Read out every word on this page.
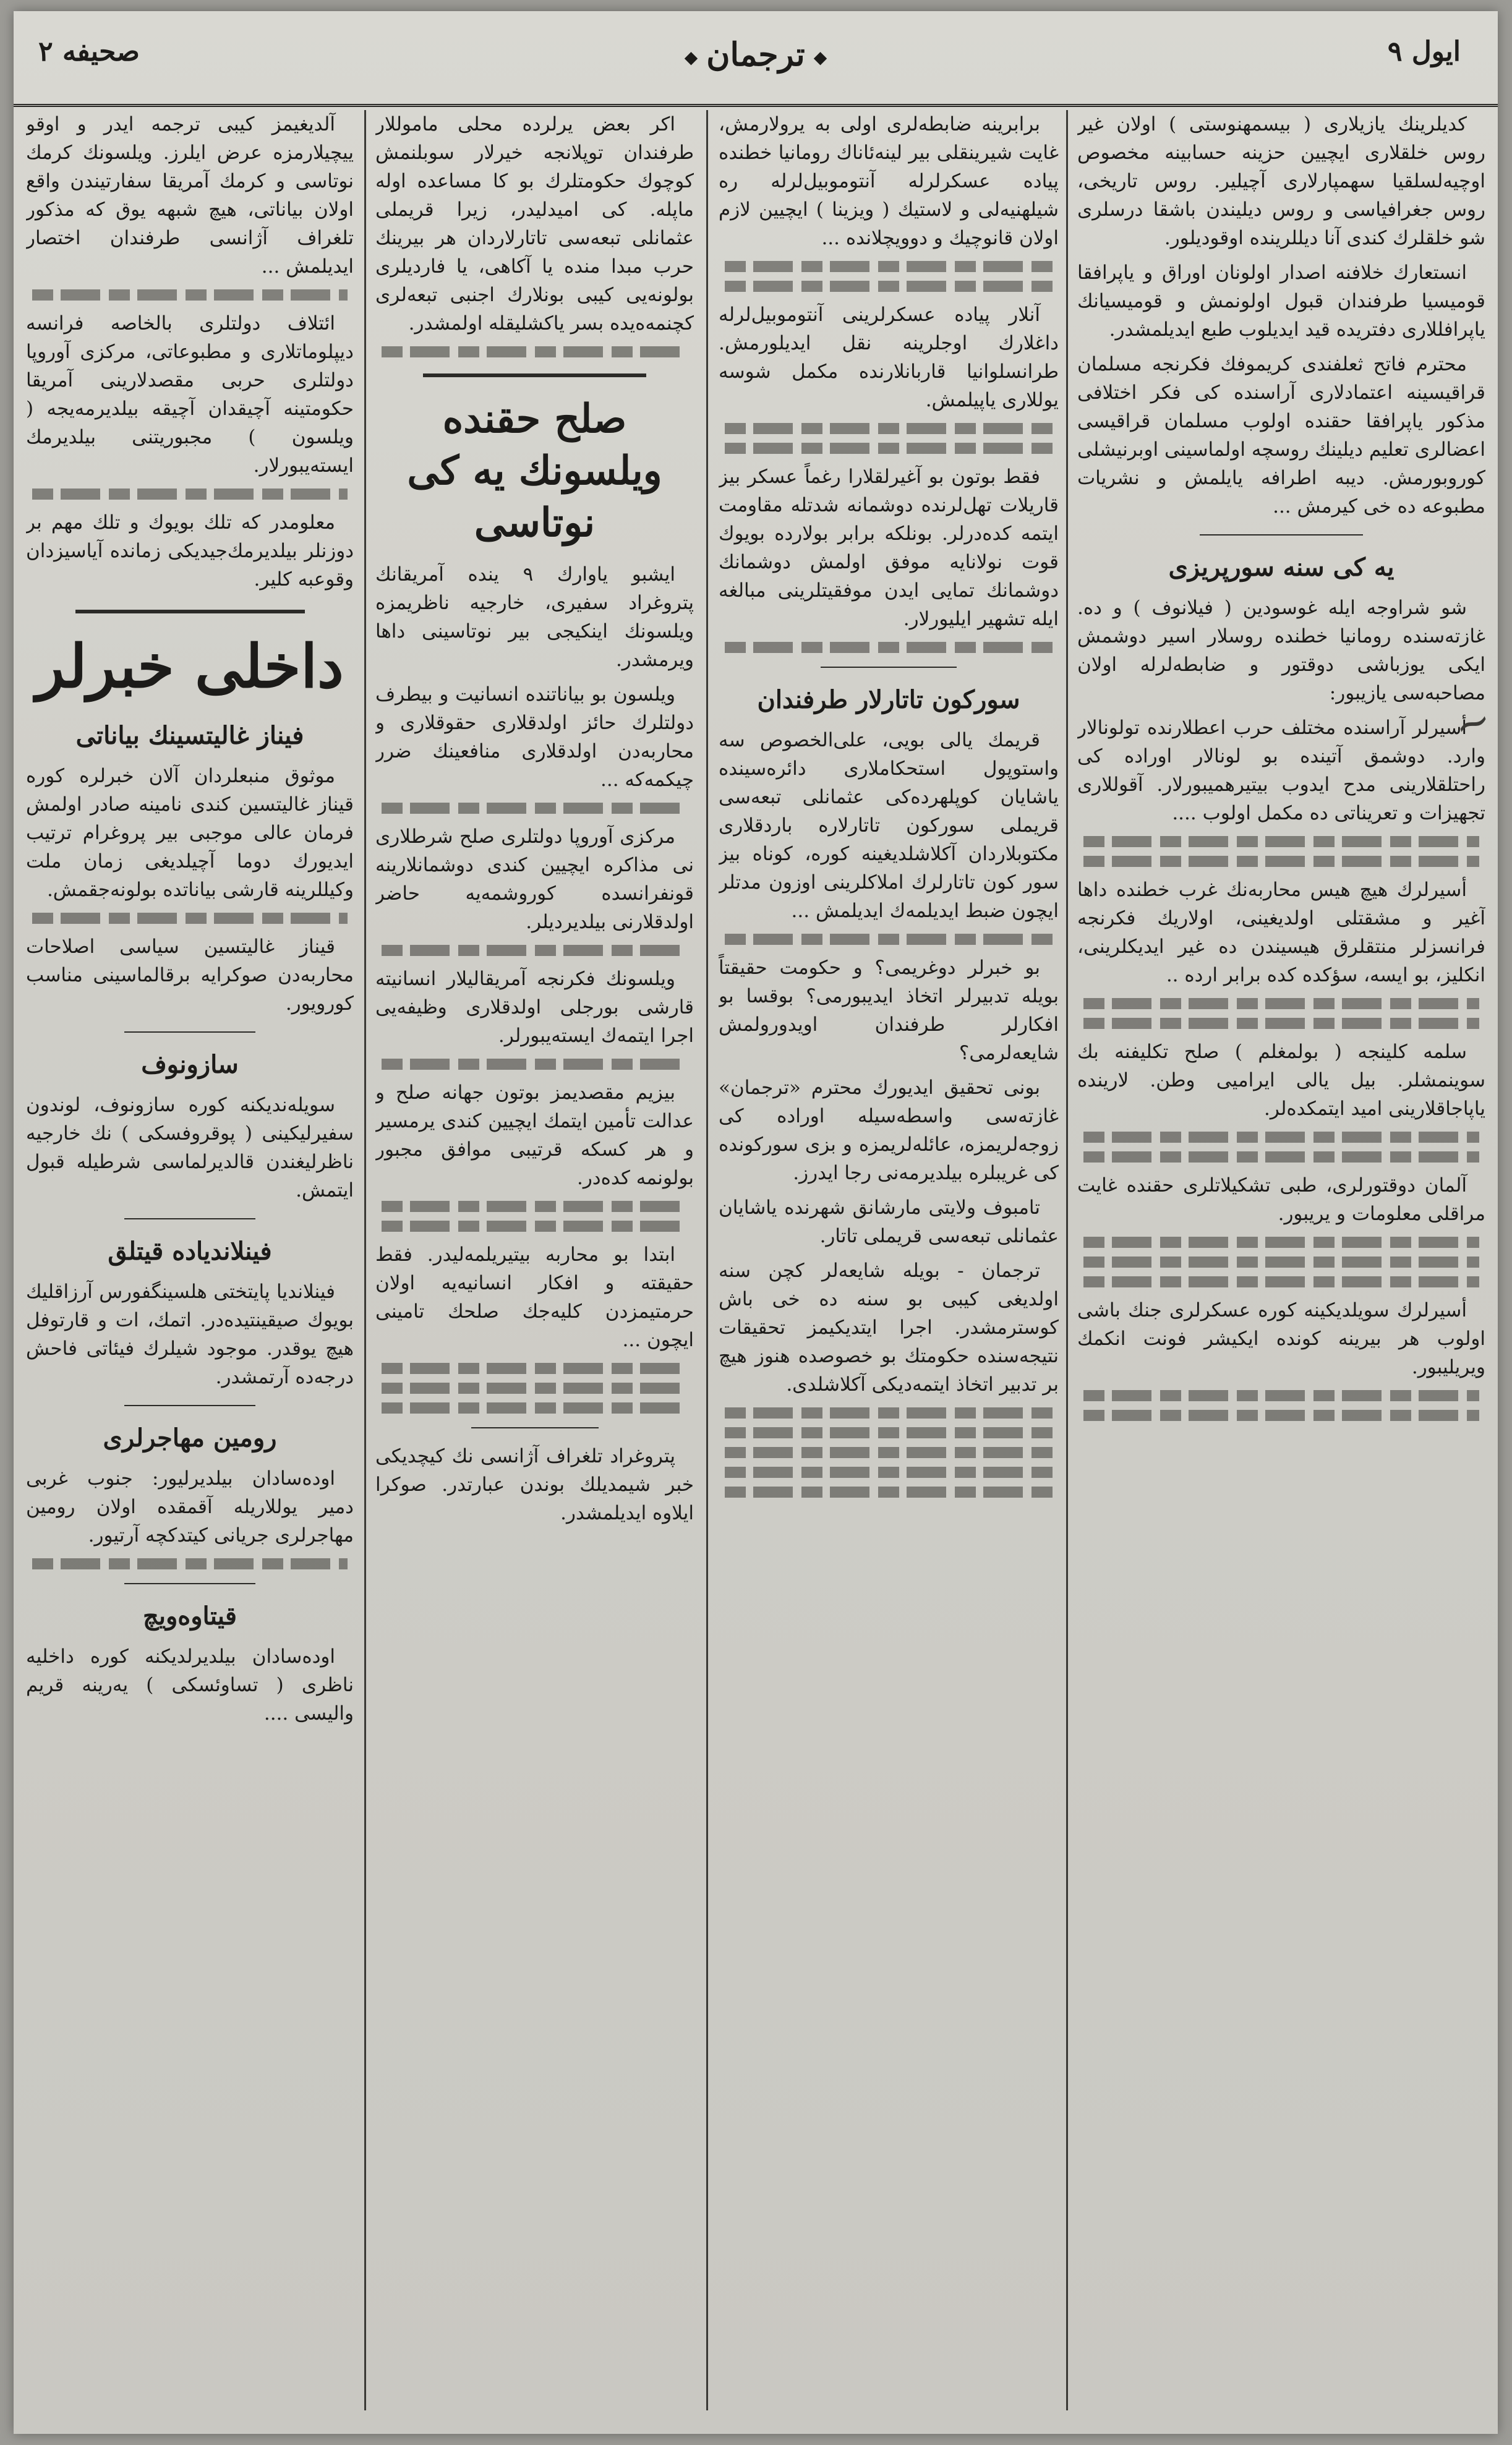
صحیفه ۲
◆	ترجمان ◆	ایول ۹

کدیلرینك یازیلاری ( بیسمهنوستی ) اولان غیر روس خلقلاری ایچیین حزینه حسابینه مخصوص اوچیه‌لسلقیا سهمپارلاری آچیلیر. روس تاریخی، روس جغرافیاسی و روس دیلیندن باشقا درسلری شو خلقلرك کندی آنا دیللرینده اوقودیلور.

انستعارك خلافنه اصدار اولونان اوراق و یاپرافقا قومیسیا طرفندان قبول اولونمش و قومیسیانك یاپرافللاری دفتریده قید ایدیلوب طبع ایدیلمشدر.

محترم فاتح ثعلفندی کریموفك فکرنجه مسلمان قراقیسینه اعتمادلاری آراسنده کی فکر اختلافی مذکور یاپرافقا حقنده اولوب مسلمان قراقیسی اعضالری تعلیم دیلینك روسچه اولماسینی اوبرنیشلی کوروبورمش. دیبه اطرافه یایلمش و نشریات مطبوعه ده‌ خی کیرمش ...

یه کی سنه سورپریزی

شو شراوجه ایله غوسودین ( فیلانوف ) و ده. غازته‌سنده رومانیا خطنده روسلار اسیر دوشمش ایکی یوزباشی دوقتور و ضابطه‌لرله اولان مصاحبه‌سی یازیبور:

أسیرلر آراسنده مختلف حرب اعطلارنده تولونالار وارد. دوشمق آتینده بو لونالار اوراده کی راحتلقلارینی مدح ایدوب بیتیرهمیبورلار. آقوللاری تجهیزات و تعریناتی ده‌ مکمل اولوب ....

أسیرلرك هیچ هیس محاربه‌نك غرب خطنده داها آغیر و مشقتلی اولدیغینی، اولاریك فکرنجه فرانسزلر منتقلرق هیسیندن ده‌ غیر ایدیکلرینی، انکلیز، بو ایسه، سؤکده کده برابر ارده ..

سلمه کلینجه ( بولمغلم ) صلح تکلیفنه بك سوینمشلر. بیل یالی ایرامیی وطن. لارینده یاپاجاقلارینی امید ایتمکده‌لر.

آلمان دوقتورلری، طبی تشکیلاتلری حقنده غایت مراقلی معلومات و یریبور.

أسیرلرك سویلدیکینه کوره عسکرلری جنك باشی اولوب هر بیرینه کونده ایکیشر فونت انکمك ویریلیبور.

برابرینه ضابطه‌لری اولی به یرولارمش، غایت شیرینقلی بیر لینه‌ئاناك رومانیا خطنده پیاده عسکرلرله آنتوموبیل‌لرله ره شیلهنیه‌لی و لاستیك ( ویزینا ) ایچیین لازم اولان قانوچیك و دوویچلانده ...

آنلار پیاده عسکرلرینی آنتوموبیل‌لرله داغلارك اوجلرینه نقل ایدیلورمش. طرانسلوانیا قاربانلارنده مکمل شوسه یوللاری یاپیلمش.

فقط بوتون بو آغیرلقلارا رغماً عسکر بیز قاریلات تهل‌لرنده دوشمانه شدتله مقاومت ایتمه کده‌درلر. بونلکه برابر بولارده بویوك قوت نولانا‌یه موفق اولمش دوشمانك دوشمانك تمایی ایدن موفقیتلرینی مبالغه ایله تشهیر ایلیورلار.

سورکون تاتارلار طرفندان

قریمك یالی بویی، علی‌الخصوص سه واستوپول استحکاملاری دائره‌سینده یاشایان کوپلهرده‌کی عثمانلی تبعه‌سی قریملی سورکون تاتارلاره باردقلاری مکتوبلاردان آکلاشلدیغینه کوره، کوناه بیز سور کون تاتارلرك املاکلرینی اوزون مدتلر ایچون ضبط ایدیلمه‌ك ایدیلمش ...

بو خبرلر دوغریمی؟ و حکومت حقیقتاً بویله تدبیرلر اتخاذ ایدیبورمی؟ بوقسا بو افکارلر طرفندان اویدورولمش شایعه‌لرمی؟

بونی تحقیق ایدیورك محترم «ترجمان» غازته‌سی واسطه‌سیله اوراده کی زوجه‌لریمزه، عائله‌لریمزه و بزی سورکونده کی غریبلره بیلدیرمه‌نی رجا ایدرز.

تامبوف ولایتی مارشانق شهرنده یاشایان عثمانلی تبعه‌سی قریملی تاتار.

ترجمان - بویله شایعه‌لر کچن سنه اولدیغی کیبی بو سنه ده‌ خی باش کوسترمشدر. اجرا ایتدیکیمز تحقیقات نتیجه‌سنده حکومتك بو خصوصده هنوز هیچ بر تدبیر اتخاذ ایتمه‌دیکی آکلاشلدی.

اکر بعض یرلرده محلی ماموللار طرفندان توپلانجه خیرلار سوبلنمش کوچوك حکومتلرك بو کا مساعده اوله ماپله. کی امیدلیدر، زیرا قریملی عثمانلی تبعه‌سی تاتارلاردان هر بیرینك حرب مبدا منده یا آکاهی، یا فاردیلری بولونه‌یی کیبی بونلارك اجنبی تبعه‌لری کچنمه‌ه‌یده بسر یاکشلیقله اولمشدر.

صلح حقنده ویلسونك یه کی نوتاسی

ایشبو یاوارك ۹ ینده آمریقانك پتروغراد سفیری، خارجیه ناظریمزه ویلسونك اینکیجی بیر نوتاسینی داها ویرمشدر.

ویلسون بو بیاناتنده انسانیت و بیطرف دولتلرك حائز اولدقلاری حقوقلاری و محاربه‌دن اولدقلاری منافعینك ضرر چیکمه‌كه ...

مرکزی آوروپا دولتلری صلح شرطلاری نی مذاکره ایچیین کندی دوشمانلارینه قونفرانسده کوروشمه‌یه حاضر اولدقلارنی بیلدیردیلر.

ویلسونك فکرنجه آمریقالیلار انسانیته قارشی بورجلی اولدقلاری وظیفه‌یی اجرا ایتمه‌ك ایسته‌یبورلر.

بیزیم مقصدیمز بوتون جهانه صلح و عدالت تأمین ایتمك ایچیین کندی یرمسیر و هر کسکه قرتیبی موافق مجبور بولونمه کده‌در.

ابتدا بو محاربه بیتیریلمه‌لیدر. فقط حقیقته و افکار انسانیه‌یه اولان حرمتیمزدن کلیه‌جك صلحك تامینی ایچون ...

پتروغراد تلغراف آژانسی نك کیچدیکی خبر شیمدیلك بوندن عبارتدر. صوکرا ایلاوه ایدیلمشدر.

آلدیغیمز کیبی ترجمه ایدر و اوقو ییچیلارمزه عرض ایلرز. ویلسونك کرمك نوتاسی و کرمك آمریقا سفارتیندن واقع اولان بیاناتی، هیچ شبهه یوق که مذکور تلغراف آژانسی طرفندان اختصار ایدیلمش ...

ائتلاف دولتلری بالخاصه فرانسه دیپلوماتلاری و مطبوعاتی، مرکزی آوروپا دولتلری حربی مقصدلارینی آمریقا حکومتینه آچیقدان آچیقه بیلدیرمه‌یجه ( ویلسون ) مجبوریتنی بیلدیرمك ایسته‌یبورلار.

معلومدر که تلك بویوك و تلك مهم بر دوزنلر بیلدیرمك‌جیدیکی زمانده آیاسیزدان وقوعبه کلیر.

داخلی خبرلر
فیناز غالیتسینك بیاناتی

موثوق منبعلردان آلان خبرلره کوره قیناز غالیتسین کندی نامینه صادر اولمش فرمان عالی موجبی بیر پروغرام ترتیب ایدیورك دوما آچیلدیغی زمان ملت وکیللرینه قارشی بیاناتده بولونه‌جقمش.

قیناز غالیتسین سیاسی اصلاحات محاربه‌دن صوکرایه برقالماسینی مناسب کورویور.

سازونوف

سویله‌ندیکنه کوره سازونوف، لوندون سفیرلیکینی ( پوقروفسکی ) نك خارجیه ناظرلیغندن قالدیرلماسی شرطیله قبول ایتمش.

فینلاندیاده قیتلق

فینلاندیا پایتختی هلسینگفورس آرزاقلیك بویوك صیقینتیده‌در. اتمك، ات و قارتوفل هیچ یوقدر. موجود شیلرك فیئاتی فاحش درجه‌ده آرتمشدر.

رومین مهاجرلری

اوده‌سادان بیلدیرلیور: جنوب غربی دمیر یوللاریله آقمقده اولان رومین مهاجرلری جریانی کیتدکچه آرتیور.

قیتاوه‌ویچ

اوده‌سادان بیلدیرلدیکنه کوره داخلیه ناظری ( تساوئسکی ) یه‌رینه قریم والیسی ....

~
